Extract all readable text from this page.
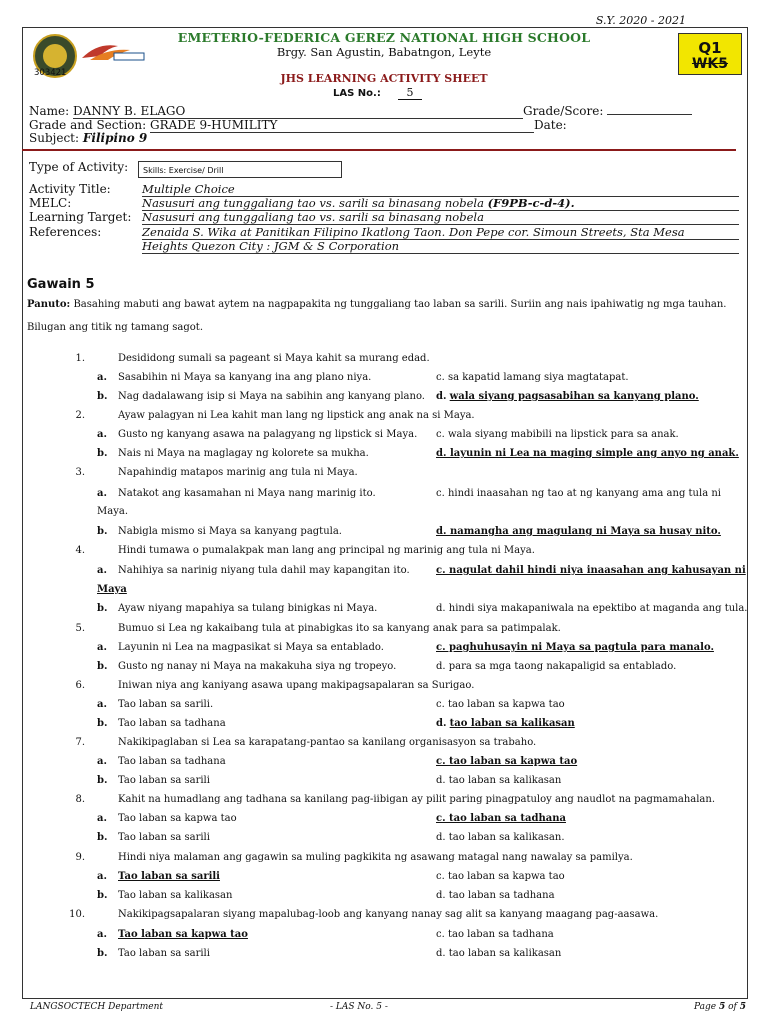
S.Y. 2020 - 2021
303421
EMETERIO-FEDERICA GEREZ NATIONAL HIGH SCHOOL
Brgy. San Agustin, Babatngon, Leyte
JHS LEARNING ACTIVITY SHEET
LAS No.:	5
Q1
WK5
Name: DANNY B. ELAGO	Grade/Score:
Grade and Section: GRADE 9-HUMILITY	Date:
Subject: Filipino 9
Type of Activity:	Skills: Exercise/ Drill
Activity Title:	Multiple Choice
MELC:	Nasusuri ang tunggaliang tao vs. sarili sa binasang nobela (F9PB-c-d-4).
Learning Target: Nasusuri ang tunggaliang tao vs. sarili sa binasang nobela
References:	Zenaida S. Wika at Panitikan Filipino Ikatlong Taon. Don Pepe cor. Simoun Streets, Sta Mesa
Heights Quezon City : JGM & S Corporation
Gawain 5
Panuto: Basahing mabuti ang bawat aytem na nagpapakita ng tunggaliang tao laban sa sarili. Suriin ang nais ipahiwatig ng mga tauhan. Bilugan ang titik ng tamang sagot.
1.	Desididong sumali sa pageant si Maya kahit sa murang edad.
a. Sasabihin ni Maya sa kanyang ina ang plano niya.	c. sa kapatid lamang siya magtatapat.
b. Nag dadalawang isip si Maya na sabihin ang kanyang plano. d. wala siyang pagsasabihan sa kanyang plano.
2.	Ayaw palagyan ni Lea kahit man lang ng lipstick ang anak na si Maya.
a. Gusto ng kanyang asawa na palagyang ng lipstick si Maya. c. wala siyang mabibili na lipstick para sa anak.
b. Nais ni Maya na maglagay ng kolorete sa mukha.	d. layunin ni Lea na maging simple ang anyo ng anak.
3.	Napahindig matapos marinig ang tula ni Maya.
a. Natakot ang kasamahan ni Maya nang marinig ito.	c. hindi inaasahan ng tao at ng kanyang ama ang tula ni
Maya.
b. Nabigla mismo si Maya sa kanyang pagtula.	d. namangha ang magulang ni Maya sa husay nito.
4.	Hindi tumawa o pumalakpak man lang ang principal ng marinig ang tula ni Maya.
a. Nahihiya sa narinig niyang tula dahil may kapangitan ito.	c. nagulat dahil hindi niya inaasahan ang kahusayan ni
Maya
b. Ayaw niyang mapahiya sa tulang binigkas ni Maya.	d. hindi siya makapaniwala na epektibo at maganda ang tula.
5.	Bumuo si Lea ng kakaibang tula at pinabigkas ito sa kanyang anak para sa patimpalak.
a. Layunin ni Lea na magpasikat si Maya sa entablado.	c. paghuhusayin ni Maya sa pagtula para manalo.
b. Gusto ng nanay ni Maya na makakuha siya ng tropeyo.	d. para sa mga taong nakapaligid sa entablado.
6.	Iniwan niya ang kaniyang asawa upang makipagsapalaran sa Surigao.
a. Tao laban sa sarili.	c. tao laban sa kapwa tao
b. Tao laban sa tadhana	d. tao laban sa kalikasan
7.	Nakikipaglaban si Lea sa karapatang-pantao sa kanilang organisasyon sa trabaho.
a. Tao laban sa tadhana	c. tao laban sa kapwa tao
b. Tao laban sa sarili	d. tao laban sa kalikasan
8.	Kahit na humadlang ang tadhana sa kanilang pag-iibigan ay pilit paring pinagpatuloy ang naudlot na pagmamahalan.
a. Tao laban sa kapwa tao	c. tao laban sa tadhana
b. Tao laban sa sarili	d. tao laban sa kalikasan.
9.	Hindi niya malaman ang gagawin sa muling pagkikita ng asawang matagal nang nawalay sa pamilya.
a. Tao laban sa sarili	c. tao laban sa kapwa tao
b. Tao laban sa kalikasan	d. tao laban sa tadhana
10.	Nakikipagsapalaran siyang mapalubag-loob ang kanyang nanay sag alit sa kanyang maagang pag-aasawa.
a. Tao laban sa kapwa tao	c. tao laban sa tadhana
b. Tao laban sa sarili	d. tao laban sa kalikasan
LANGSOCTECH Department	- LAS No. 5 -	Page 5 of 5
